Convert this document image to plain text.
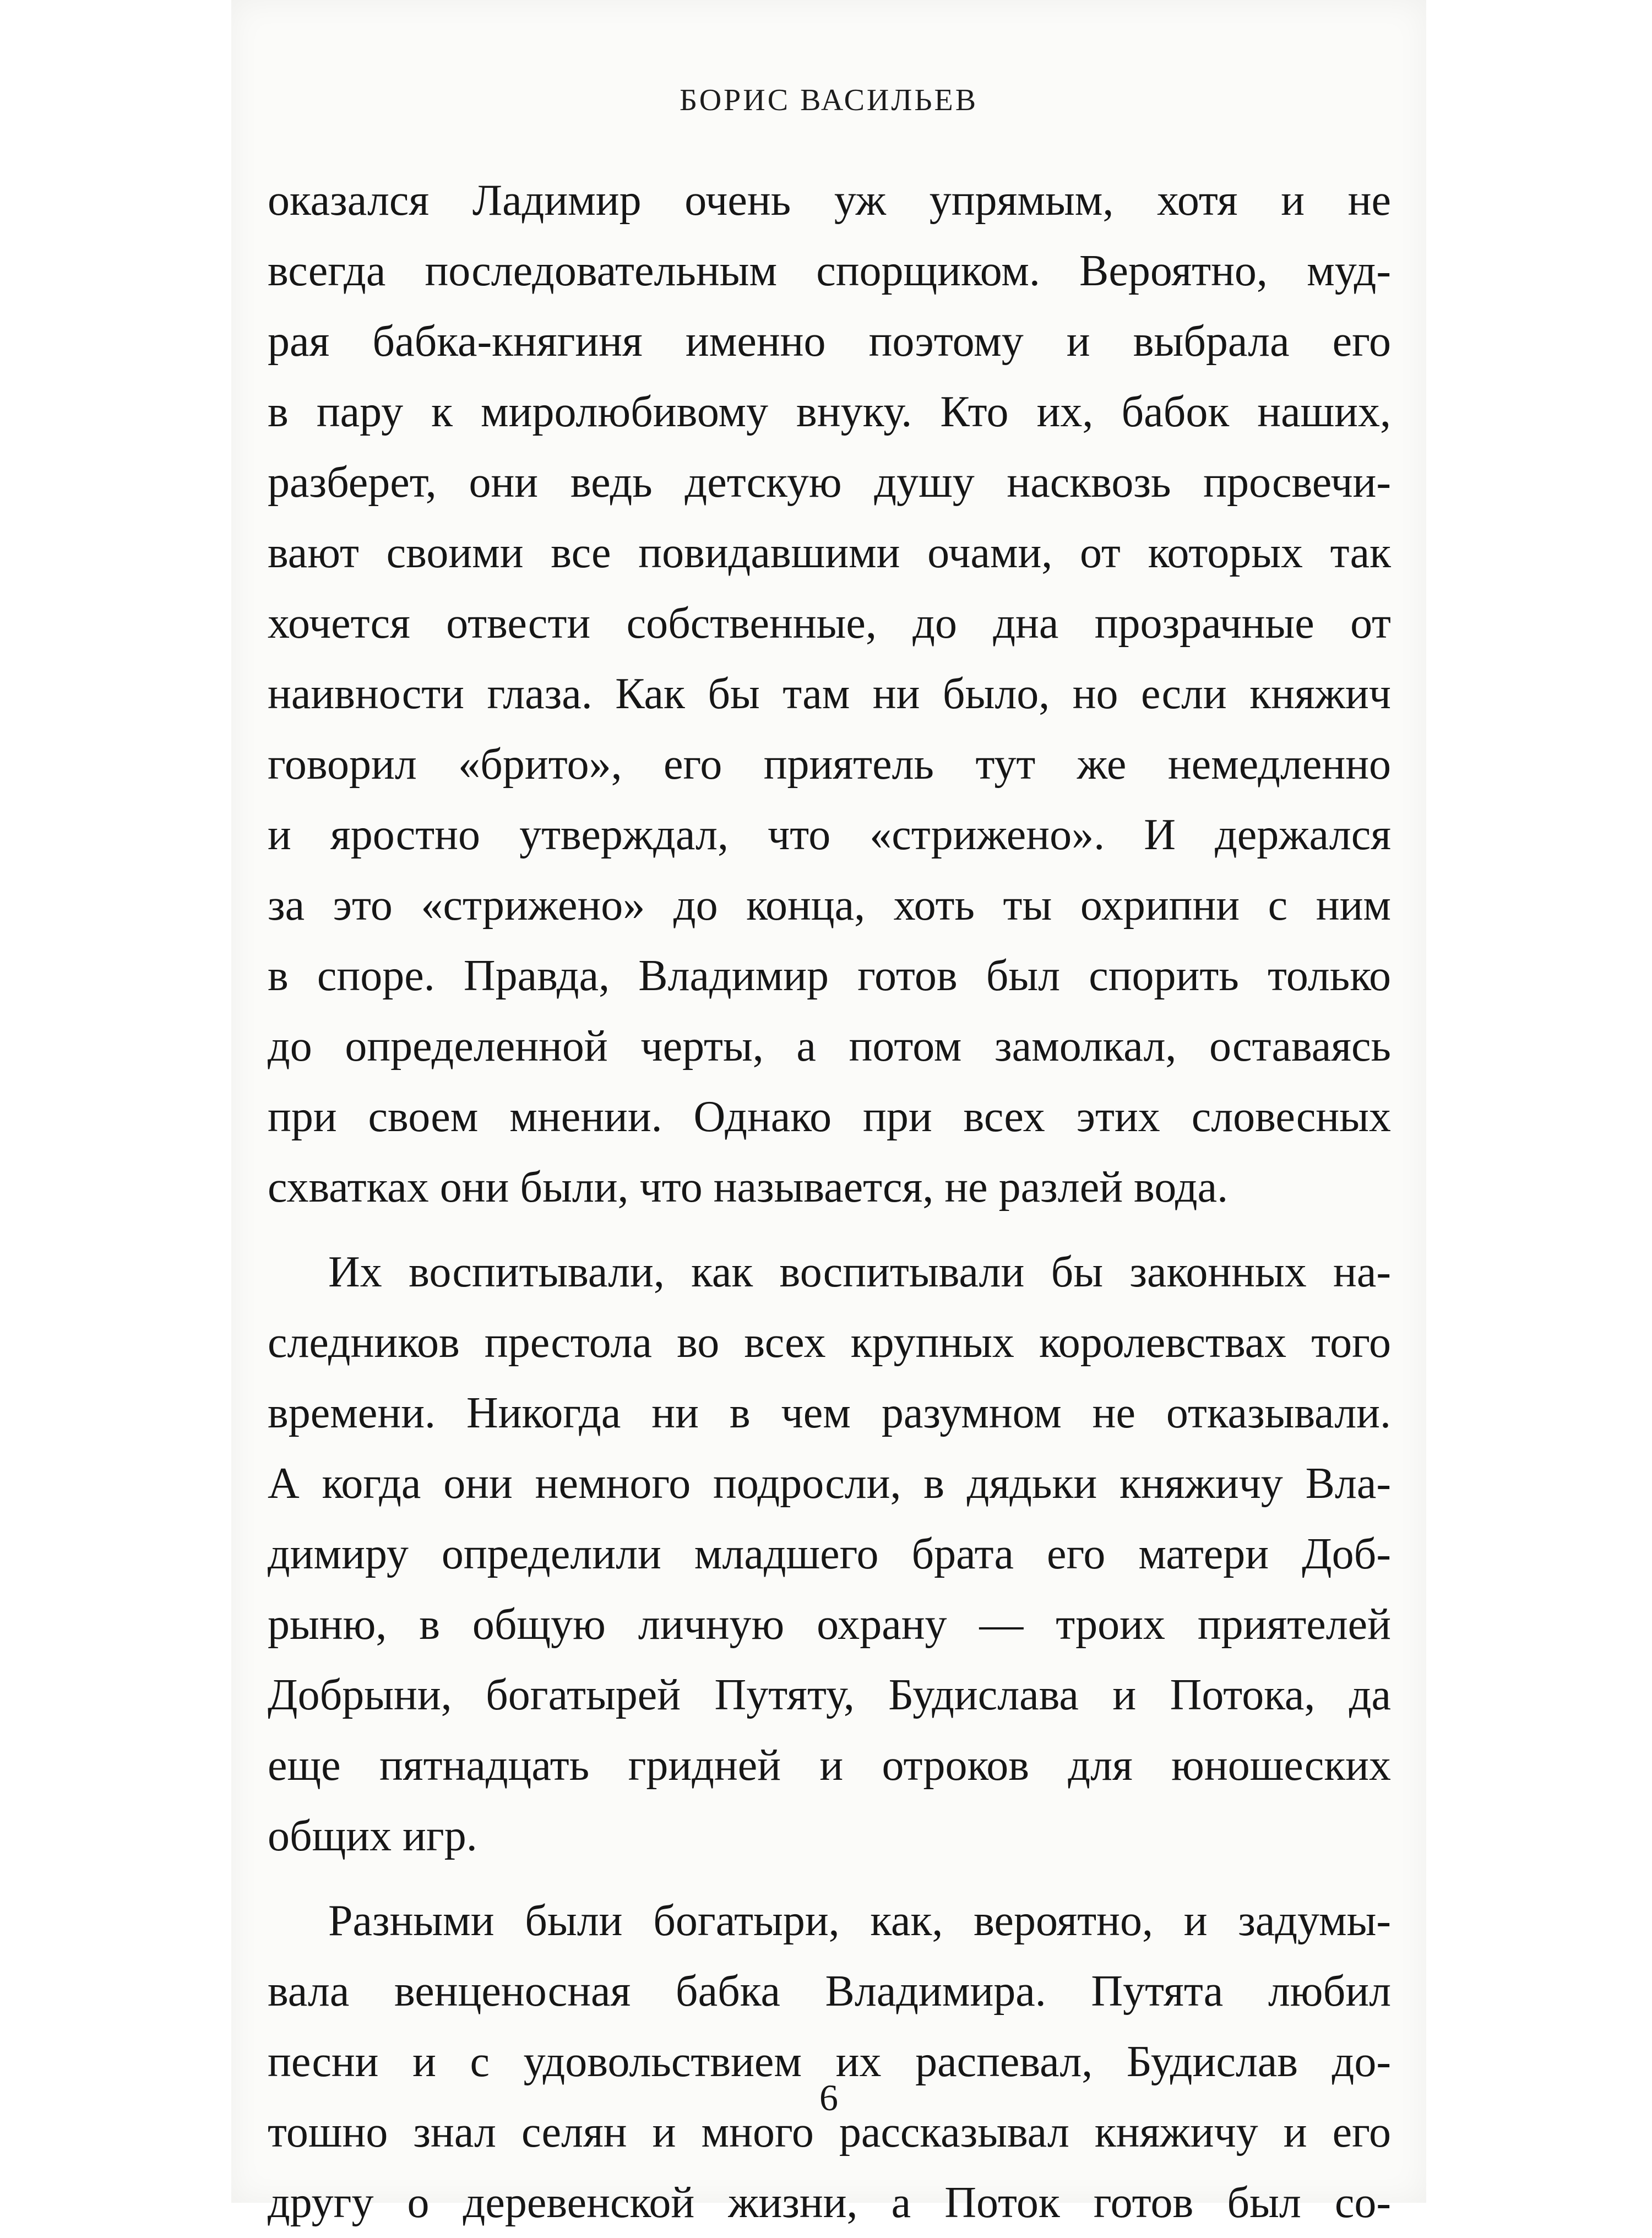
БОРИС ВАСИЛЬЕВ
оказался Ладимир очень уж упрямым, хотя и не
всегда последовательным спорщиком. Вероятно, муд-
рая бабка-княгиня именно поэтому и выбрала его
в пару к миролюбивому внуку. Кто их, бабок наших,
разберет, они ведь детскую душу насквозь просвечи-
вают своими все повидавшими очами, от которых так
хочется отвести собственные, до дна прозрачные от
наивности глаза. Как бы там ни было, но если княжич
говорил «брито», его приятель тут же немедленно
и яростно утверждал, что «стрижено». И держался
за это «стрижено» до конца, хоть ты охрипни с ним
в споре. Правда, Владимир готов был спорить только
до определенной черты, а потом замолкал, оставаясь
при своем мнении. Однако при всех этих словесных
схватках они были, что называется, не разлей вода.
Их воспитывали, как воспитывали бы законных на-
следников престола во всех крупных королевствах того
времени. Никогда ни в чем разумном не отказывали.
А когда они немного подросли, в дядьки княжичу Вла-
димиру определили младшего брата его матери Доб-
рыню, в общую личную охрану — троих приятелей
Добрыни, богатырей Путяту, Будислава и Потока, да
еще пятнадцать гридней и отроков для юношеских
общих игр.
Разными были богатыри, как, вероятно, и задумы-
вала венценосная бабка Владимира. Путята любил
песни и с удовольствием их распевал, Будислав до-
тошно знал селян и много рассказывал княжичу и его
другу о деревенской жизни, а Поток готов был со-
6
